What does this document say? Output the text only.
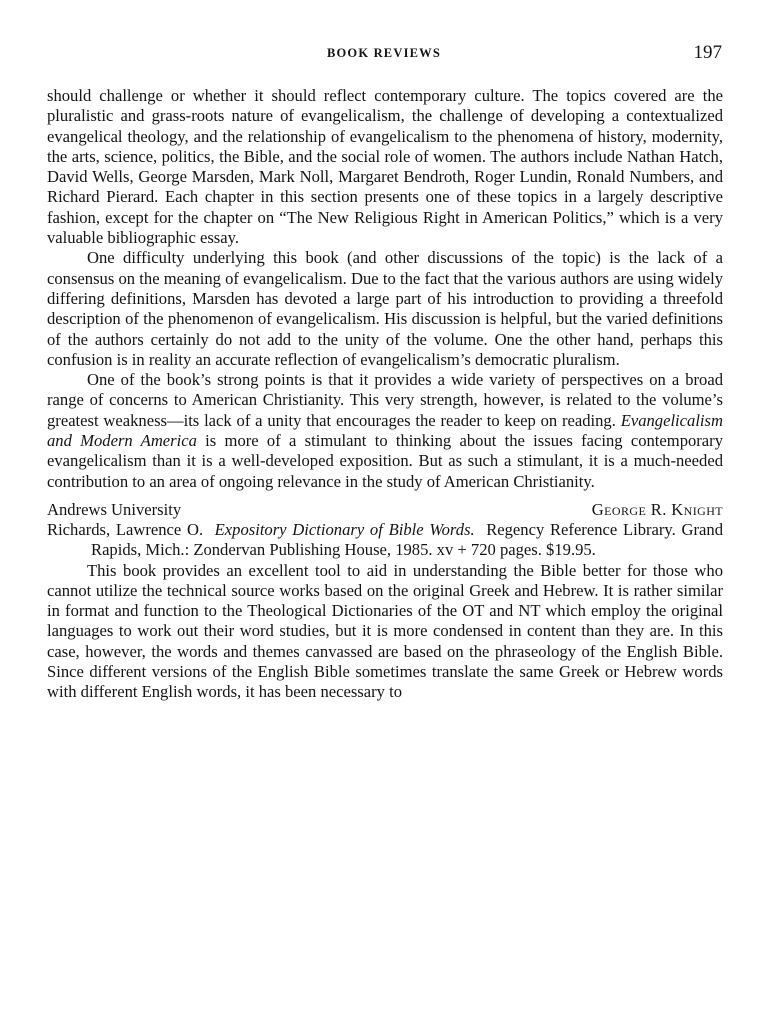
BOOK REVIEWS	197

should challenge or whether it should reflect contemporary culture. The topics covered are the pluralistic and grass-roots nature of evangelicalism, the challenge of developing a contextualized evangelical theology, and the relationship of evangelicalism to the phenomena of history, modernity, the arts, science, politics, the Bible, and the social role of women. The authors include Nathan Hatch, David Wells, George Marsden, Mark Noll, Margaret Bendroth, Roger Lundin, Ronald Numbers, and Richard Pierard. Each chapter in this section presents one of these topics in a largely descriptive fashion, except for the chapter on “The New Religious Right in American Politics,” which is a very valuable bibliographic essay.

One difficulty underlying this book (and other discussions of the topic) is the lack of a consensus on the meaning of evangelicalism. Due to the fact that the various authors are using widely differing definitions, Marsden has devoted a large part of his introduction to providing a threefold description of the phenomenon of evangelicalism. His discussion is helpful, but the varied definitions of the authors certainly do not add to the unity of the volume. One the other hand, perhaps this confusion is in reality an accurate reflection of evangelicalism’s democratic pluralism.

One of the book’s strong points is that it provides a wide variety of perspectives on a broad range of concerns to American Christianity. This very strength, however, is related to the volume’s greatest weakness—its lack of a unity that encourages the reader to keep on reading. Evangelicalism and Modern America is more of a stimulant to thinking about the issues facing contemporary evangelicalism than it is a well-developed exposition. But as such a stimulant, it is a much-needed contribution to an area of ongoing relevance in the study of American Christianity.

Andrews University	George R. Knight

Richards, Lawrence O. Expository Dictionary of Bible Words. Regency Reference Library. Grand Rapids, Mich.: Zondervan Publishing House, 1985. xv + 720 pages. $19.95.

This book provides an excellent tool to aid in understanding the Bible better for those who cannot utilize the technical source works based on the original Greek and Hebrew. It is rather similar in format and function to the Theological Dictionaries of the OT and NT which employ the original languages to work out their word studies, but it is more condensed in content than they are. In this case, however, the words and themes canvassed are based on the phraseology of the English Bible. Since different versions of the English Bible sometimes translate the same Greek or Hebrew words with different English words, it has been necessary to
